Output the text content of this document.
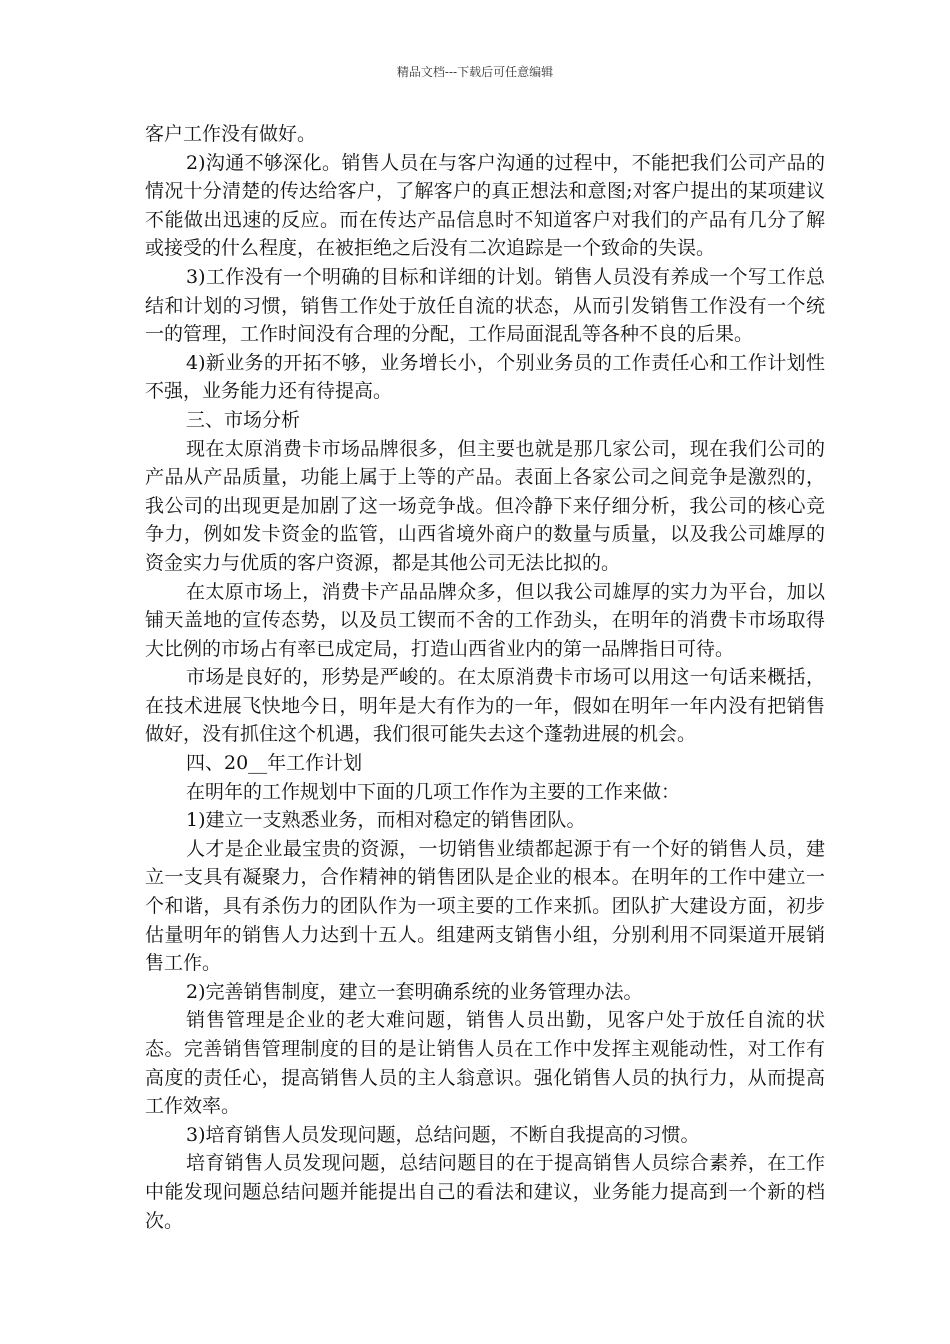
精品文档---下载后可任意编辑

客户工作没有做好。

2)沟通不够深化。销售人员在与客户沟通的过程中，不能把我们公司产品的情况十分清楚的传达给客户，了解客户的真正想法和意图;对客户提出的某项建议不能做出迅速的反应。而在传达产品信息时不知道客户对我们的产品有几分了解或接受的什么程度，在被拒绝之后没有二次追踪是一个致命的失误。

3)工作没有一个明确的目标和详细的计划。销售人员没有养成一个写工作总结和计划的习惯，销售工作处于放任自流的状态，从而引发销售工作没有一个统一的管理，工作时间没有合理的分配，工作局面混乱等各种不良的后果。

4)新业务的开拓不够，业务增长小，个别业务员的工作责任心和工作计划性不强，业务能力还有待提高。

三、市场分析

现在太原消费卡市场品牌很多，但主要也就是那几家公司，现在我们公司的产品从产品质量，功能上属于上等的产品。表面上各家公司之间竞争是激烈的，我公司的出现更是加剧了这一场竞争战。但冷静下来仔细分析，我公司的核心竞争力，例如发卡资金的监管，山西省境外商户的数量与质量，以及我公司雄厚的资金实力与优质的客户资源，都是其他公司无法比拟的。

在太原市场上，消费卡产品品牌众多，但以我公司雄厚的实力为平台，加以铺天盖地的宣传态势，以及员工锲而不舍的工作劲头，在明年的消费卡市场取得大比例的市场占有率已成定局，打造山西省业内的第一品牌指日可待。

市场是良好的，形势是严峻的。在太原消费卡市场可以用这一句话来概括，在技术进展飞快地今日，明年是大有作为的一年，假如在明年一年内没有把销售做好，没有抓住这个机遇，我们很可能失去这个蓬勃进展的机会。

四、20__年工作计划

在明年的工作规划中下面的几项工作作为主要的工作来做：

1)建立一支熟悉业务，而相对稳定的销售团队。

人才是企业最宝贵的资源，一切销售业绩都起源于有一个好的销售人员，建立一支具有凝聚力，合作精神的销售团队是企业的根本。在明年的工作中建立一个和谐，具有杀伤力的团队作为一项主要的工作来抓。团队扩大建设方面，初步估量明年的销售人力达到十五人。组建两支销售小组，分别利用不同渠道开展销售工作。

2)完善销售制度，建立一套明确系统的业务管理办法。

销售管理是企业的老大难问题，销售人员出勤，见客户处于放任自流的状态。完善销售管理制度的目的是让销售人员在工作中发挥主观能动性，对工作有高度的责任心，提高销售人员的主人翁意识。强化销售人员的执行力，从而提高工作效率。

3)培育销售人员发现问题，总结问题，不断自我提高的习惯。

培育销售人员发现问题，总结问题目的在于提高销售人员综合素养，在工作中能发现问题总结问题并能提出自己的看法和建议，业务能力提高到一个新的档次。
